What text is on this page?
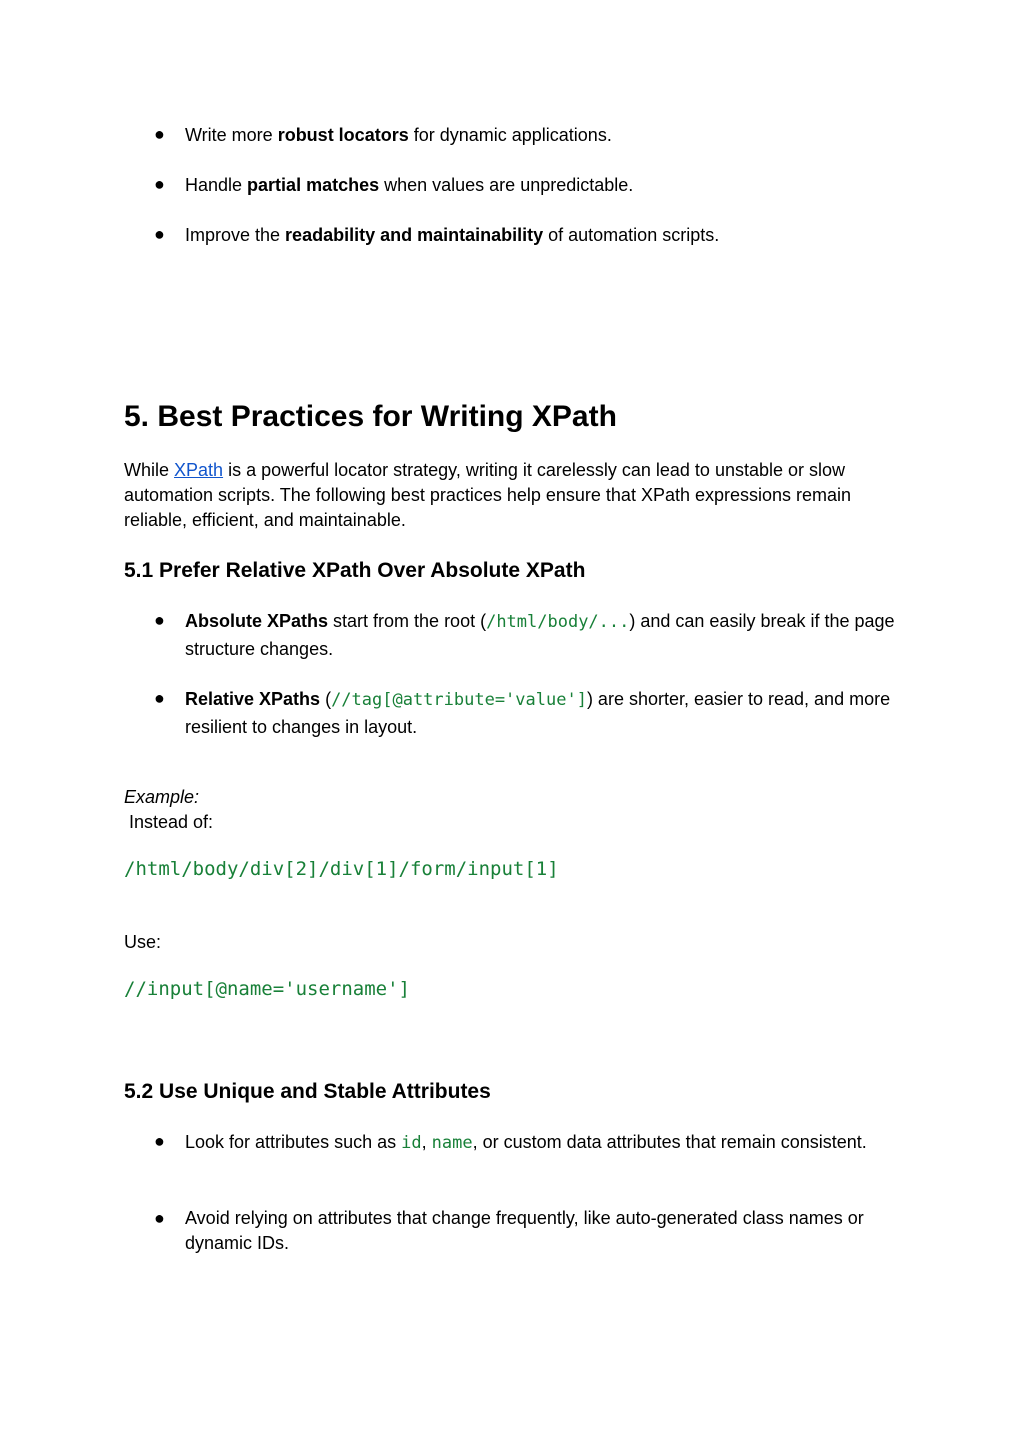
●	Write more robust locators for dynamic applications.
●	Handle partial matches when values are unpredictable.
●	Improve the readability and maintainability of automation scripts.
5. Best Practices for Writing XPath

While XPath is a powerful locator strategy, writing it carelessly can lead to unstable or slow automation scripts. The following best practices help ensure that XPath expressions remain reliable, efficient, and maintainable.

5.1 Prefer Relative XPath Over Absolute XPath
●	Absolute XPaths start from the root (/html/body/...) and can easily break if the page structure changes.
●	Relative XPaths (//tag[@attribute='value']) are shorter, easier to read, and more resilient to changes in layout.

Example:

Instead of:

/html/body/div[2]/div[1]/form/input[1]

Use:

//input[@name='username']
5.2 Use Unique and Stable Attributes
●	Look for attributes such as id, name, or custom data attributes that remain consistent.
●	Avoid relying on attributes that change frequently, like auto-generated class names or dynamic IDs.
